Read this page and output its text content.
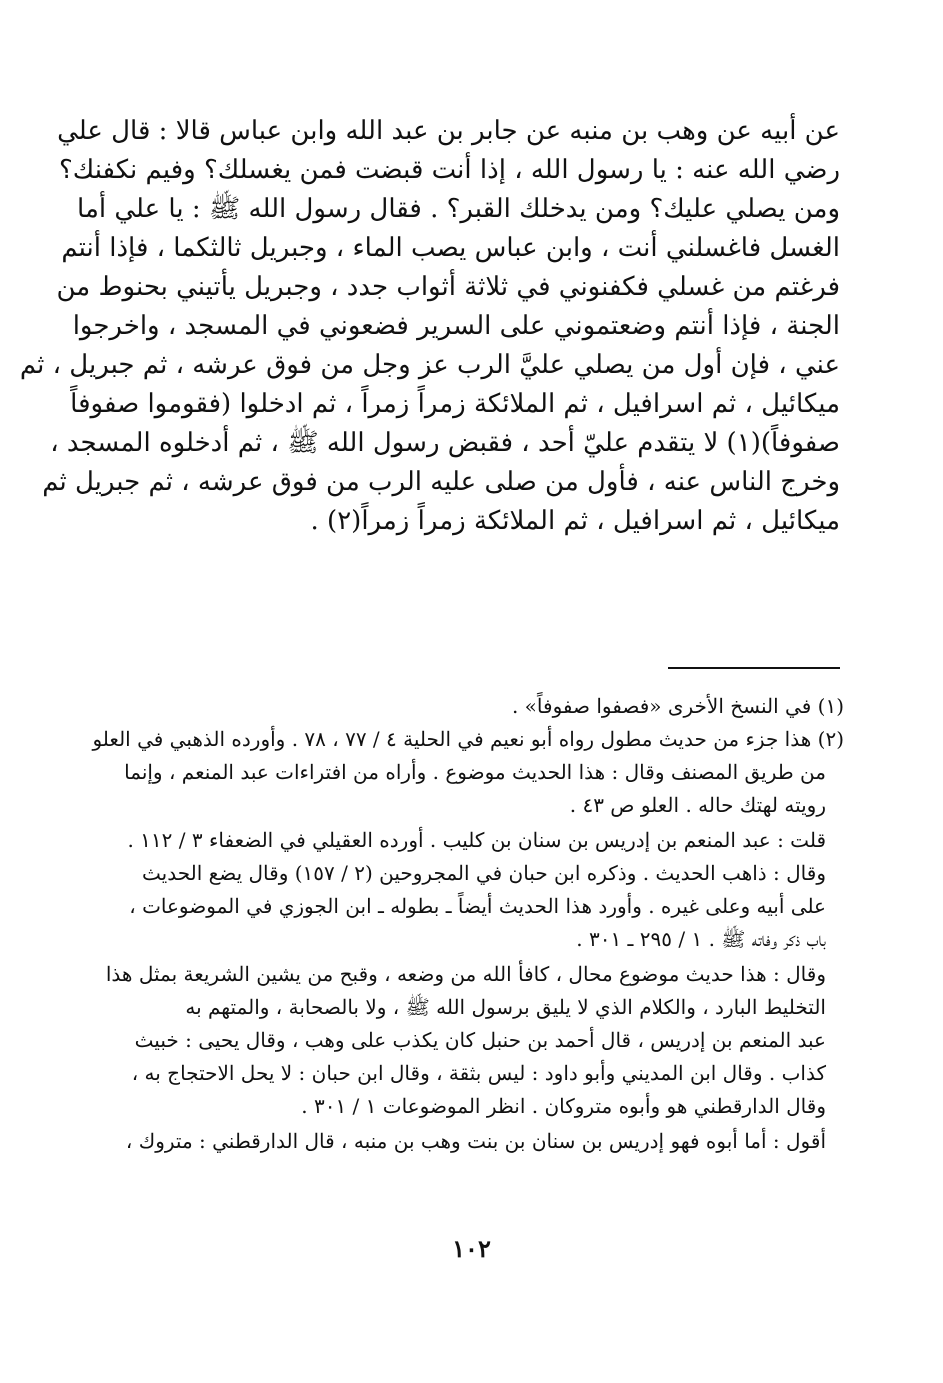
عن أبيه عن وهب بن منبه عن جابر بن عبد الله وابن عباس قالا : قال علي
رضي الله عنه : يا رسول الله ، إذا أنت قبضت فمن يغسلك؟ وفيم نكفنك؟
ومن يصلي عليك؟ ومن يدخلك القبر؟ . فقال رسول الله ﷺ : يا علي أما
الغسل فاغسلني أنت ، وابن عباس يصب الماء ، وجبريل ثالثكما ، فإذا أنتم
فرغتم من غسلي فكفنوني في ثلاثة أثواب جدد ، وجبريل يأتيني بحنوط من
الجنة ، فإذا أنتم وضعتموني على السرير فضعوني في المسجد ، واخرجوا
عني ، فإن أول من يصلي عليَّ الرب عز وجل من فوق عرشه ، ثم جبريل ، ثم
ميكائيل ، ثم اسرافيل ، ثم الملائكة زمراً زمراً ، ثم ادخلوا (فقوموا صفوفاً
صفوفاً)(١) لا يتقدم عليّ أحد ، فقبض رسول الله ﷺ ، ثم أدخلوه المسجد ،
وخرج الناس عنه ، فأول من صلى عليه الرب من فوق عرشه ، ثم جبريل ثم
ميكائيل ، ثم اسرافيل ، ثم الملائكة زمراً زمراً(٢) .
(١) في النسخ الأخرى «فصفوا صفوفاً» .
(٢) هذا جزء من حديث مطول رواه أبو نعيم في الحلية ٤ / ٧٧ ، ٧٨ . وأورده الذهبي في العلو
من طريق المصنف وقال : هذا الحديث موضوع . وأراه من افتراءات عبد المنعم ، وإنما
رويته لهتك حاله . العلو ص ٤٣ .
قلت : عبد المنعم بن إدريس بن سنان بن كليب . أورده العقيلي في الضعفاء ٣ / ١١٢ .
وقال : ذاهب الحديث . وذكره ابن حبان في المجروحين (٢ / ١٥٧) وقال يضع الحديث
على أبيه وعلى غيره . وأورد هذا الحديث أيضاً ـ بطوله ـ ابن الجوزي في الموضوعات ،
باب ذكر وفاته ﷺ . ١ / ٢٩٥ ـ ٣٠١ .
وقال : هذا حديث موضوع محال ، كافأ الله من وضعه ، وقبح من يشين الشريعة بمثل هذا
التخليط البارد ، والكلام الذي لا يليق برسول الله ﷺ ، ولا بالصحابة ، والمتهم به
عبد المنعم بن إدريس ، قال أحمد بن حنبل كان يكذب على وهب ، وقال يحيى : خبيث
كذاب . وقال ابن المديني وأبو داود : ليس بثقة ، وقال ابن حبان : لا يحل الاحتجاج به ،
وقال الدارقطني هو وأبوه متروكان . انظر الموضوعات ١ / ٣٠١ .
أقول : أما أبوه فهو إدريس بن سنان بن بنت وهب بن منبه ، قال الدارقطني : متروك ،
١٠٢
